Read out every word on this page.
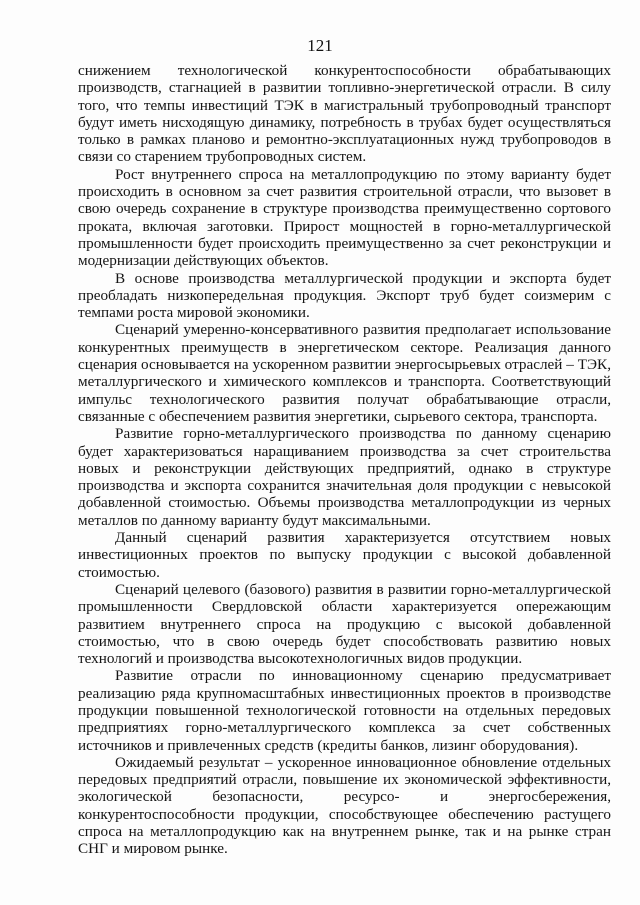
121

снижением технологической конкурентоспособности обрабатывающих производств, стагнацией в развитии топливно-энергетической отрасли. В силу того, что темпы инвестиций ТЭК в магистральный трубопроводный транспорт будут иметь нисходящую динамику, потребность в трубах будет осуществляться только в рамках планово и ремонтно-эксплуатационных нужд трубопроводов в связи со старением трубопроводных систем.

Рост внутреннего спроса на металлопродукцию по этому варианту будет происходить в основном за счет развития строительной отрасли, что вызовет в свою очередь сохранение в структуре производства преимущественно сортового проката, включая заготовки. Прирост мощностей в горно-металлургической промышленности будет происходить преимущественно за счет реконструкции и модернизации действующих объектов.

В основе производства металлургической продукции и экспорта будет преобладать низкопередельная продукция. Экспорт труб будет соизмерим с темпами роста мировой экономики.

Сценарий умеренно-консервативного развития предполагает использование конкурентных преимуществ в энергетическом секторе. Реализация данного сценария основывается на ускоренном развитии энергосырьевых отраслей – ТЭК, металлургического и химического комплексов и транспорта. Соответствующий импульс технологического развития получат обрабатывающие отрасли, связанные с обеспечением развития энергетики, сырьевого сектора, транспорта.

Развитие горно-металлургического производства по данному сценарию будет характеризоваться наращиванием производства за счет строительства новых и реконструкции действующих предприятий, однако в структуре производства и экспорта сохранится значительная доля продукции с невысокой добавленной стоимостью. Объемы производства металлопродукции из черных металлов по данному варианту будут максимальными.

Данный сценарий развития характеризуется отсутствием новых инвестиционных проектов по выпуску продукции с высокой добавленной стоимостью.

Сценарий целевого (базового) развития в развитии горно-металлургической промышленности Свердловской области характеризуется опережающим развитием внутреннего спроса на продукцию с высокой добавленной стоимостью, что в свою очередь будет способствовать развитию новых технологий и производства высокотехнологичных видов продукции.

Развитие отрасли по инновационному сценарию предусматривает реализацию ряда крупномасштабных инвестиционных проектов в производстве продукции повышенной технологической готовности на отдельных передовых предприятиях горно-металлургического комплекса за счет собственных источников и привлеченных средств (кредиты банков, лизинг оборудования).

Ожидаемый результат – ускоренное инновационное обновление отдельных передовых предприятий отрасли, повышение их экономической эффективности, экологической безопасности, ресурсо- и энергосбережения, конкурентоспособности продукции, способствующее обеспечению растущего спроса на металлопродукцию как на внутреннем рынке, так и на рынке стран СНГ и мировом рынке.
